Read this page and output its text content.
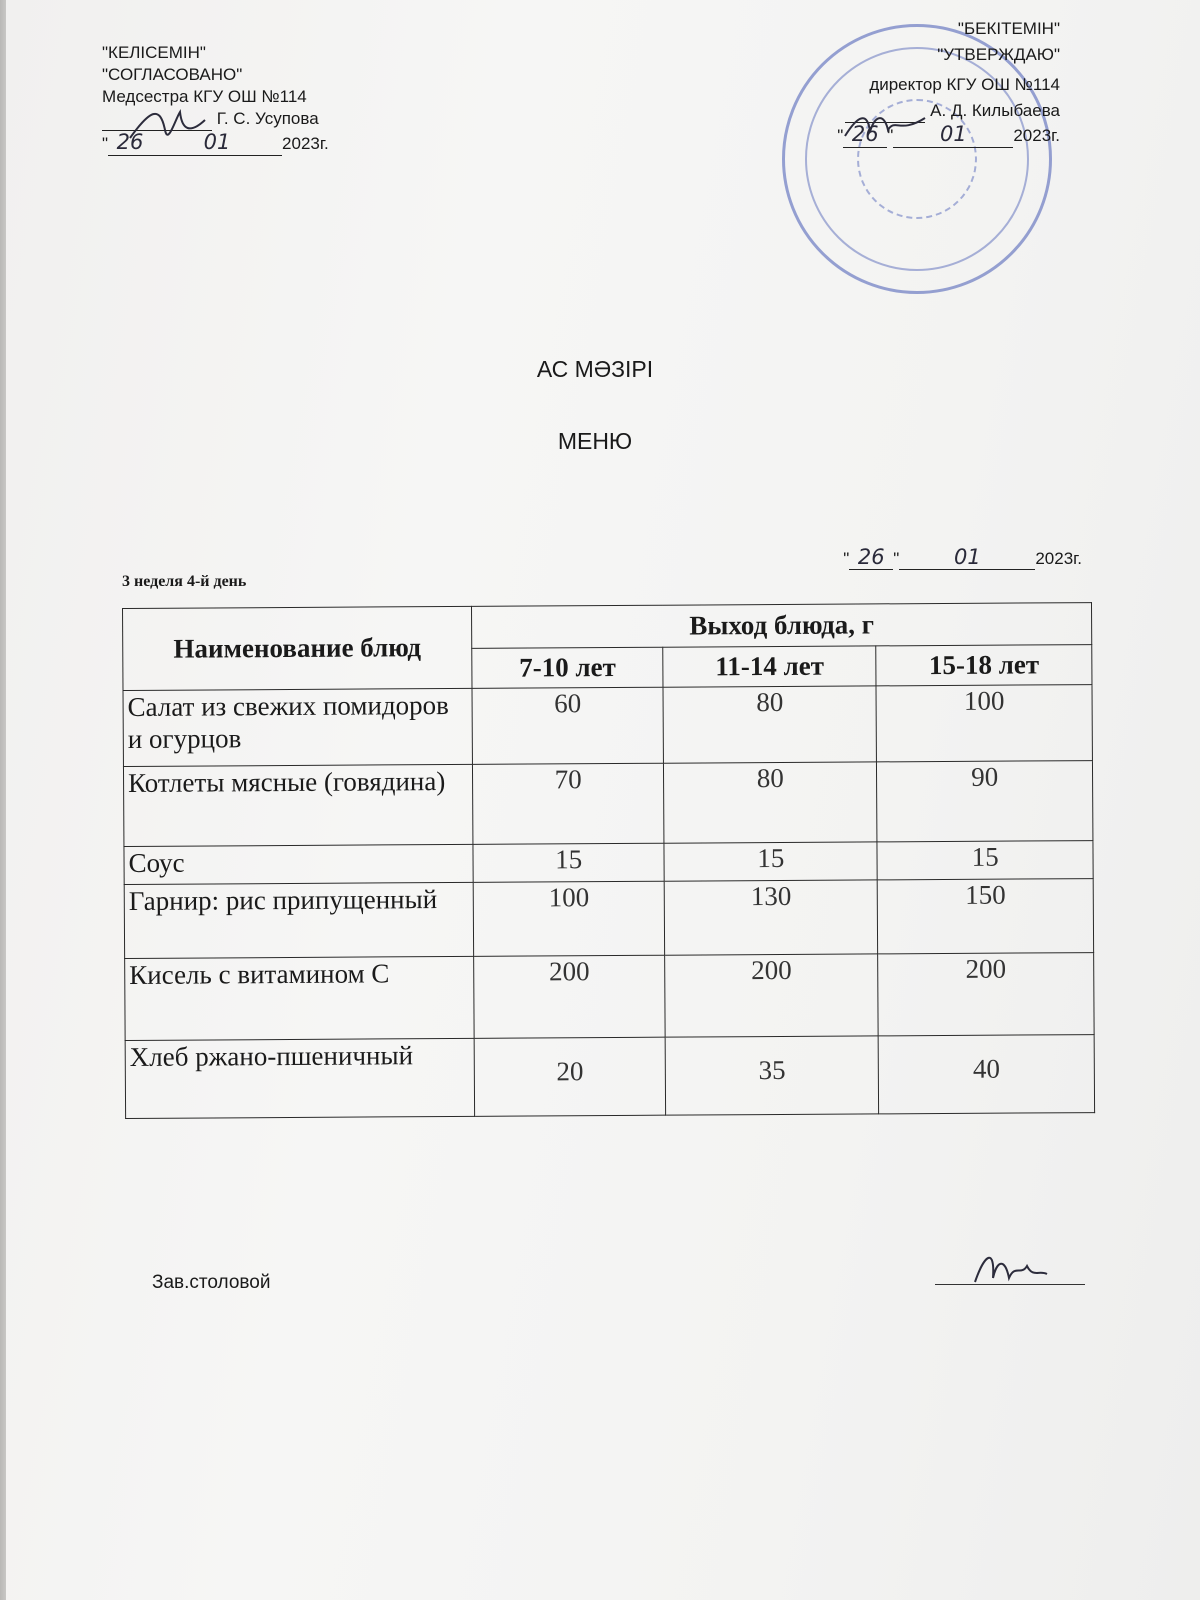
"КЕЛІСЕМІН"
"СОГЛАСОВАНО"
Медсестра КГУ ОШ №114
Г. С. Усупова
" 26	01	2023г.
"БЕКІТЕМІН"
"УТВЕРЖДАЮ"
директор КГУ ОШ №114
А. Д. Килыбаева
" 26 " 01	2023г.
АС МӘЗІРІ
МЕНЮ
3 неделя 4-й день
" 26 "	01	2023г.
Наименование блюд	Выход блюда, г		
	7-10 лет	11-14 лет	15-18 лет
Салат из свежих помидоров и огурцов	60	80	100
Котлеты мясные (говядина)	70	80	90
Соус	15	15	15
Гарнир: рис припущенный	100	130	150
Кисель с витамином С	200	200	200
Хлеб ржано-пшеничный	20	35	40
Зав.столовой
